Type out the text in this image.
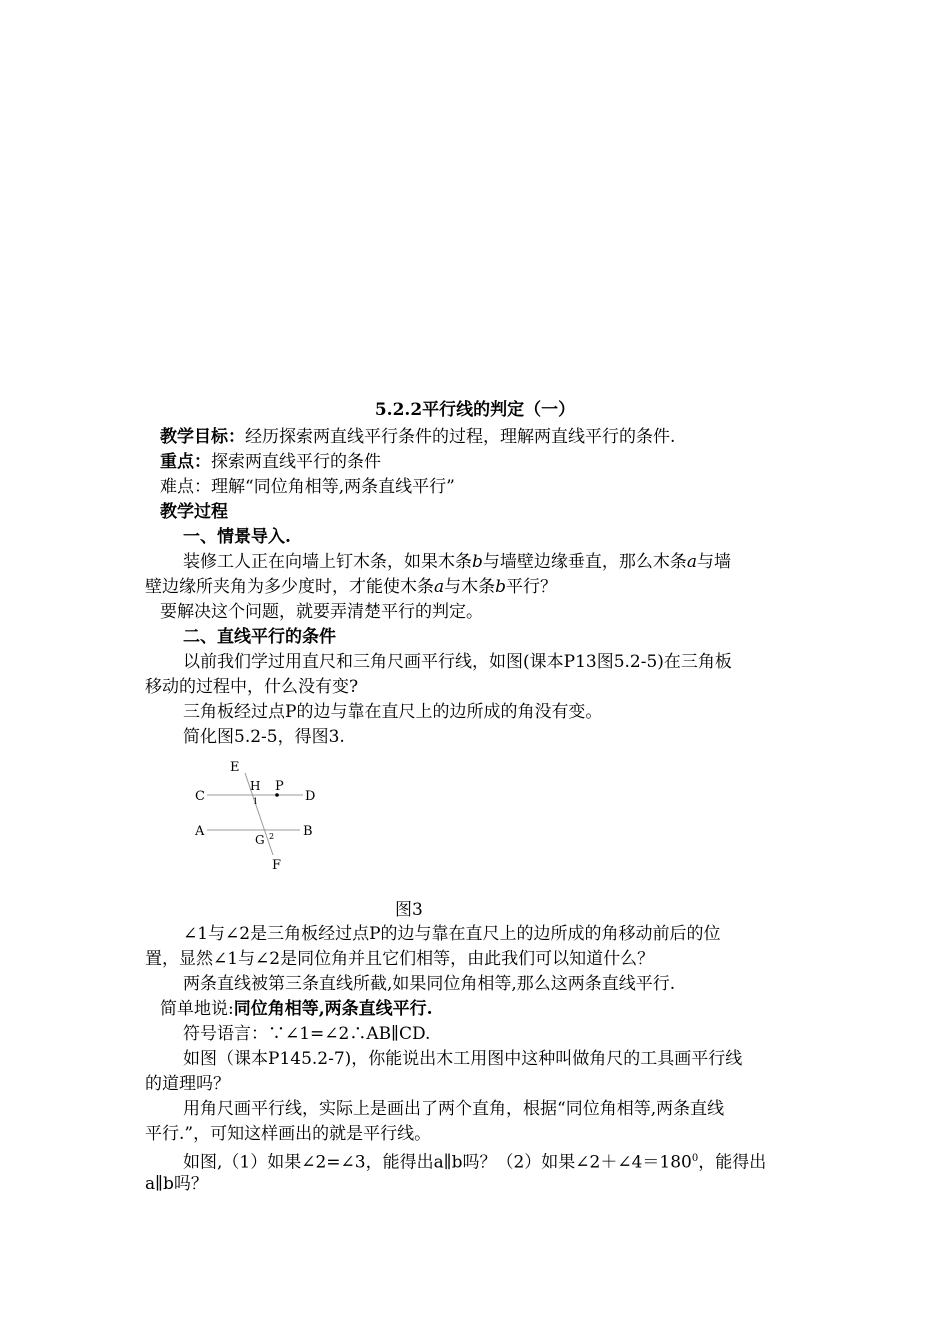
5.2.2平行线的判定（一）
教学目标：经历探索两直线平行条件的过程，理解两直线平行的条件.
重点：探索两直线平行的条件
难点：理解“同位角相等,两条直线平行”
教学过程
一、情景导入.
装修工人正在向墙上钉木条，如果木条b与墙壁边缘垂直，那么木条a与墙
壁边缘所夹角为多少度时，才能使木条a与木条b平行？
要解决这个问题，就要弄清楚平行的判定。
二、直线平行的条件
以前我们学过用直尺和三角尺画平行线，如图(课本P13图5.2-5)在三角板
移动的过程中，什么没有变?
三角板经过点P的边与靠在直尺上的边所成的角没有变。
简化图5.2-5，得图3.
E
C
H P
D
1
A
G 2 B
F
图3
∠1与∠2是三角板经过点P的边与靠在直尺上的边所成的角移动前后的位
置，显然∠1与∠2是同位角并且它们相等，由此我们可以知道什么？
两条直线被第三条直线所截,如果同位角相等,那么这两条直线平行.
简单地说:同位角相等,两条直线平行.
符号语言：∵∠1=∠2∴AB∥CD.
如图（课本P145.2-7)，你能说出木工用图中这种叫做角尺的工具画平行线
的道理吗？
用角尺画平行线，实际上是画出了两个直角，根据“同位角相等,两条直线
平行.”，可知这样画出的就是平行线。
如图,（1）如果∠2=∠3，能得出a∥b吗？（2）如果$\angle 2+\angle 4=180^0$，能得出
a∥b吗？
